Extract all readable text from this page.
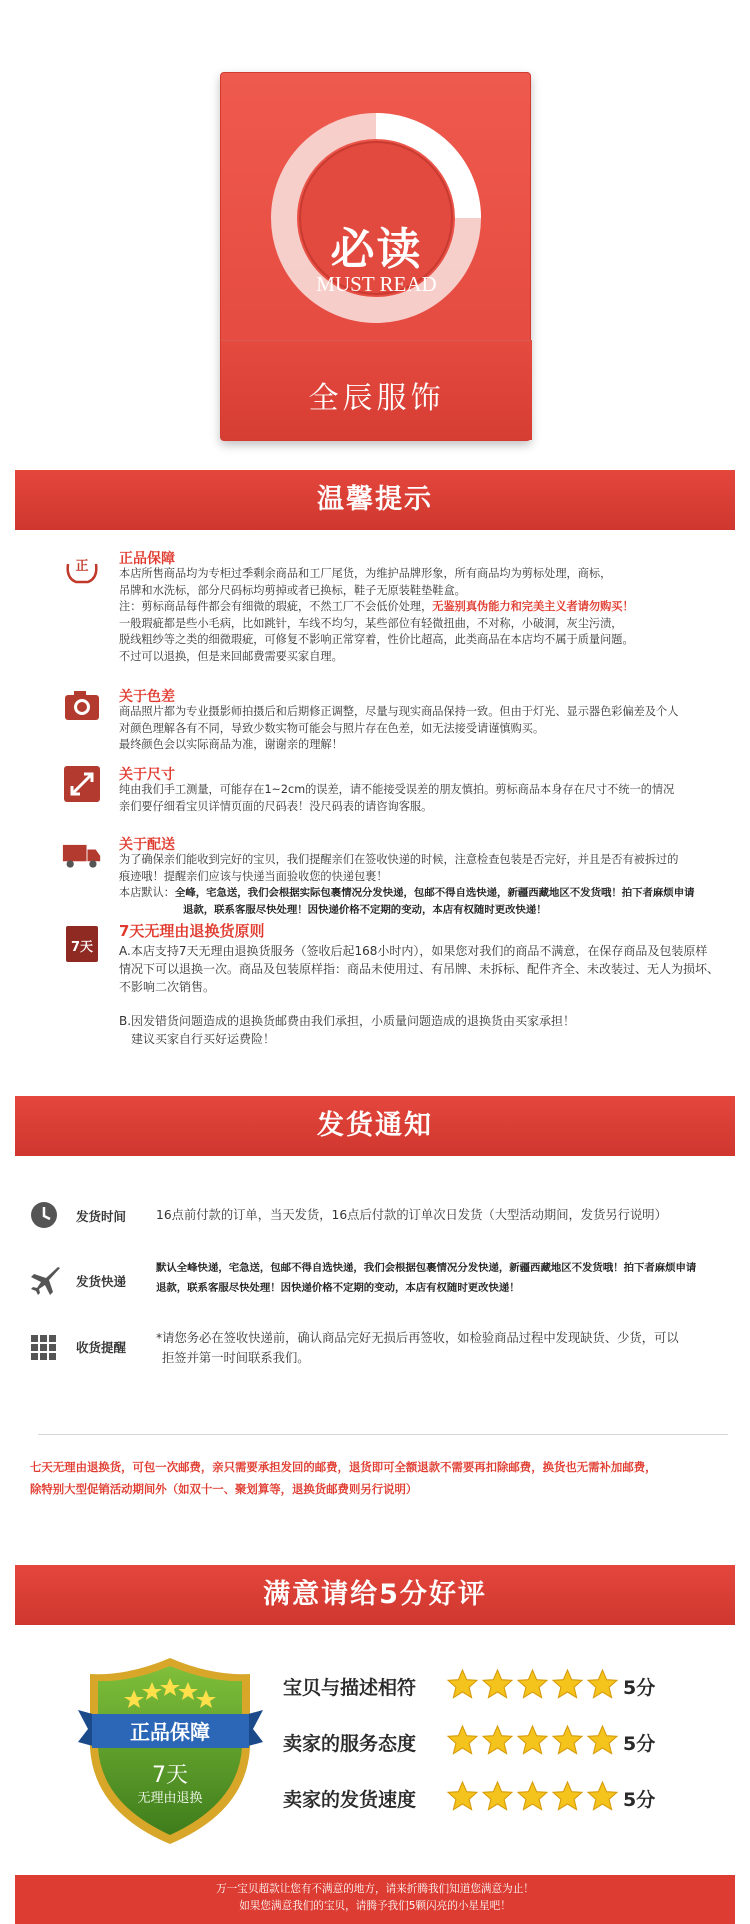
必读
MUST READ
全辰服饰
温馨提示
正 正品保障

本店所售商品均为专柜过季剩余商品和工厂尾货，为维护品牌形象，所有商品均为剪标处理，商标，

吊牌和水洗标，部分尺码标均剪掉或者已换标，鞋子无原装鞋垫鞋盒。

注：剪标商品每件都会有细微的瑕疵，不然工厂不会低价处理，无鉴别真伪能力和完美主义者请勿购买！

一般瑕疵都是些小毛病，比如跳针，车线不均匀，某些部位有轻微扭曲，不对称，小破洞，灰尘污渍，

脱线粗纱等之类的细微瑕疵，可修复不影响正常穿着，性价比超高，此类商品在本店均不属于质量问题。

不过可以退换，但是来回邮费需要买家自理。

关于色差

商品照片都为专业摄影师拍摄后和后期修正调整，尽量与现实商品保持一致。但由于灯光、显示器色彩偏差及个人

对颜色理解各有不同，导致少数实物可能会与照片存在色差，如无法接受请谨慎购买。

最终颜色会以实际商品为准，谢谢亲的理解！

关于尺寸

纯由我们手工测量，可能存在1~2cm的误差，请不能接受误差的朋友慎拍。剪标商品本身存在尺寸不统一的情况

亲们要仔细看宝贝详情页面的尺码表！没尺码表的请咨询客服。

关于配送

为了确保亲们能收到完好的宝贝，我们提醒亲们在签收快递的时候，注意检查包装是否完好，并且是否有被拆过的

痕迹哦！提醒亲们应该与快递当面验收您的快递包裹！

本店默认：全峰，宅急送，我们会根据实际包裹情况分发快递，包邮不得自选快递，新疆西藏地区不发货哦！拍下者麻烦申请

退款，联系客服尽快处理！因快递价格不定期的变动，本店有权随时更改快递！

7天
7天无理由退换货原则

A.本店支持7天无理由退换货服务（签收后起168小时内），如果您对我们的商品不满意，在保存商品及包装原样

情况下可以退换一次。商品及包装原样指：商品未使用过、有吊牌、未拆标、配件齐全、未改装过、无人为损坏、

不影响二次销售。

B.因发错货问题造成的退换货邮费由我们承担，小质量问题造成的退换货由买家承担！

建议买家自行买好运费险！

发货通知
发货时间 16点前付款的订单，当天发货，16点后付款的订单次日发货（大型活动期间，发货另行说明）

发货快递

默认全峰快递，宅急送，包邮不得自选快递，我们会根据包裹情况分发快递，新疆西藏地区不发货哦！拍下者麻烦申请

退款，联系客服尽快处理！因快递价格不定期的变动，本店有权随时更改快递！

收货提醒

*请您务必在签收快递前，确认商品完好无损后再签收，如检验商品过程中发现缺货、少货，可以

拒签并第一时间联系我们。

七天无理由退换货，可包一次邮费，亲只需要承担发回的邮费，退货即可全额退款不需要再扣除邮费，换货也无需补加邮费，

除特别大型促销活动期间外（如双十一、聚划算等，退换货邮费则另行说明）

满意请给5分好评
正品保障
7天
无理由退换
宝贝与描述相符	5分
卖家的服务态度	5分
卖家的发货速度	5分

万一宝贝超款让您有不满意的地方，请来折腾我们知道您满意为止！

如果您满意我们的宝贝，请腾予我们5颗闪亮的小星星吧！
